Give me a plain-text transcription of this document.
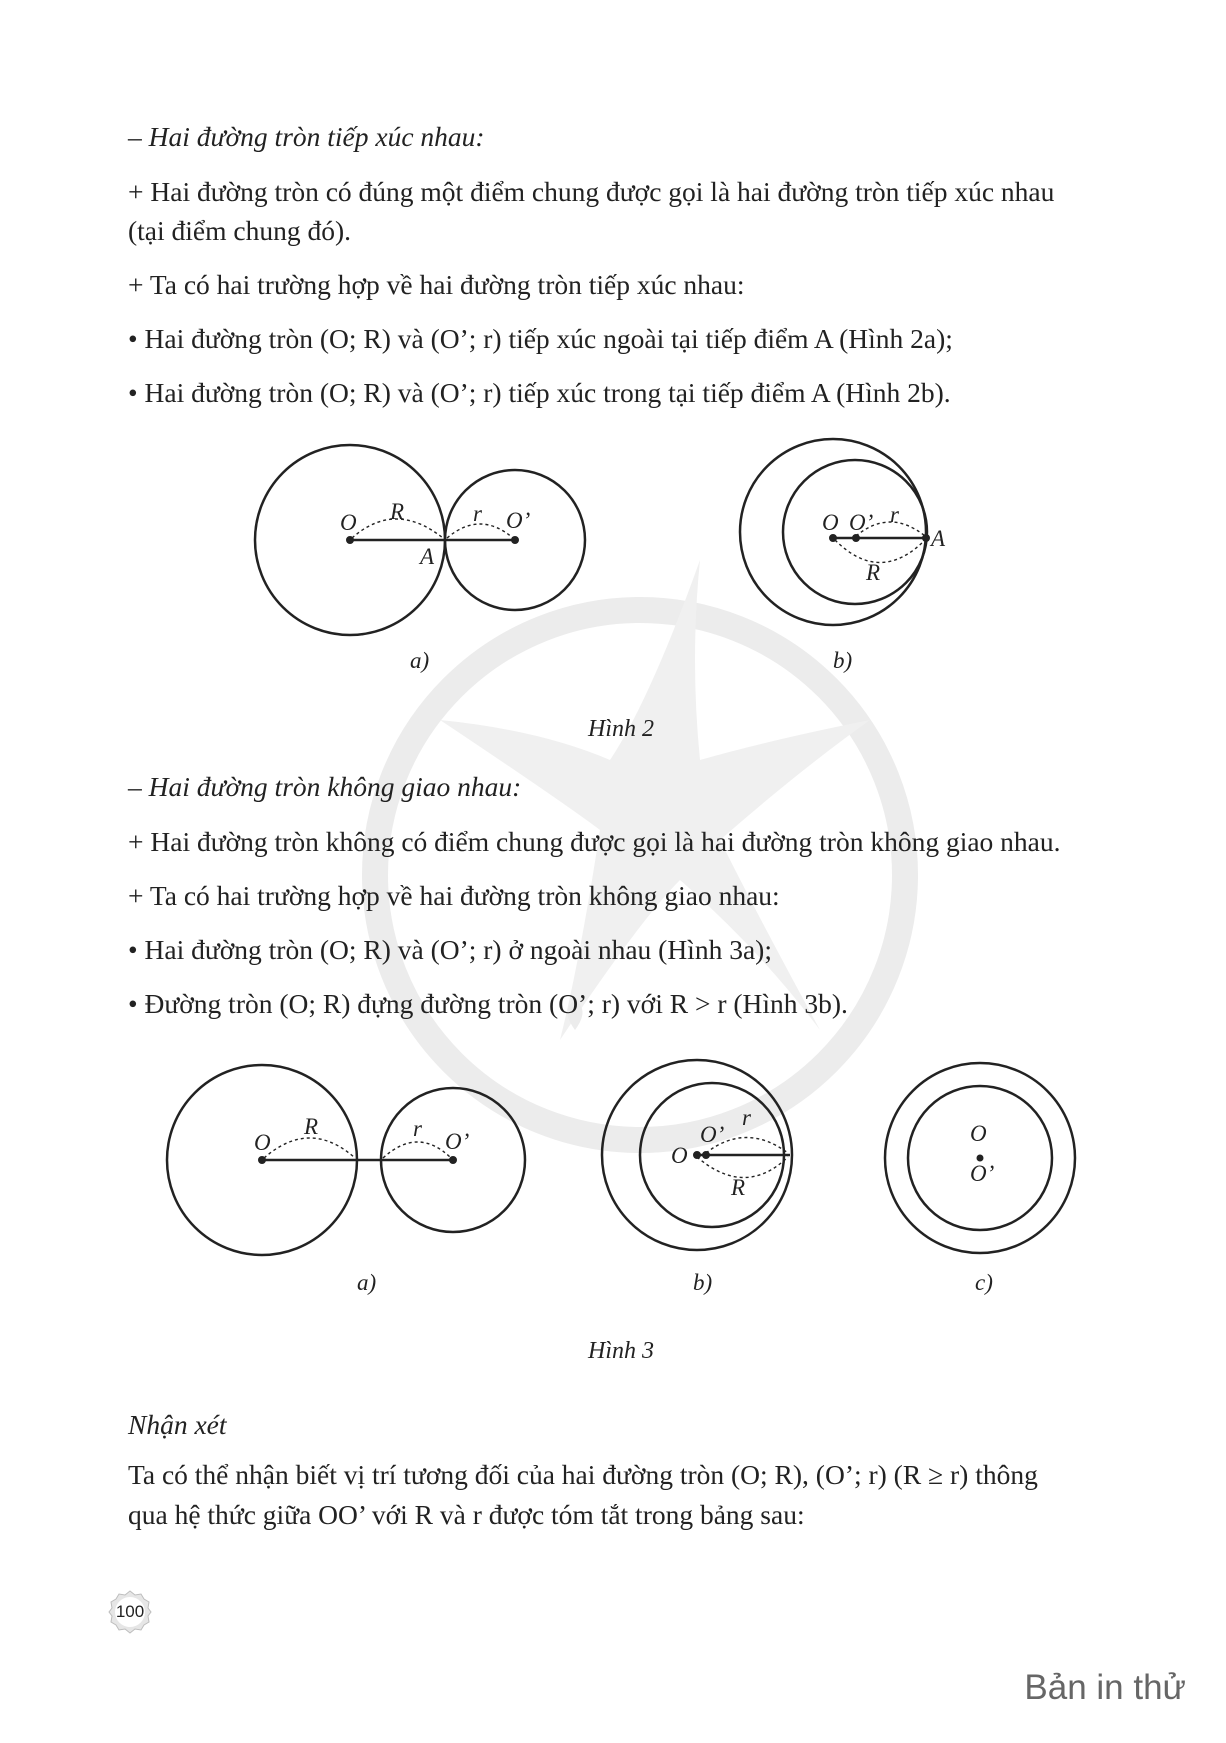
– Hai đường tròn tiếp xúc nhau:
+ Hai đường tròn có đúng một điểm chung được gọi là hai đường tròn tiếp xúc nhau
(tại điểm chung đó).
+ Ta có hai trường hợp về hai đường tròn tiếp xúc nhau:
• Hai đường tròn (O; R) và (O’; r) tiếp xúc ngoài tại tiếp điểm A (Hình 2a);
• Hai đường tròn (O; R) và (O’; r) tiếp xúc trong tại tiếp điểm A (Hình 2b).
O R	r O’
A
a)
O O’ r
A
R
b)
Hình 2
– Hai đường tròn không giao nhau:
+ Hai đường tròn không có điểm chung được gọi là hai đường tròn không giao nhau.
+ Ta có hai trường hợp về hai đường tròn không giao nhau:
• Hai đường tròn (O; R) và (O’; r) ở ngoài nhau (Hình 3a);
• Đường tròn (O; R) đựng đường tròn (O’; r) với R > r (Hình 3b).
O
R	r
O’
a)
O
O’
r
R
b)
O
O’
c)
Hình 3
Nhận xét
Ta có thể nhận biết vị trí tương đối của hai đường tròn (O; R), (O’; r) (R ≥ r) thông
qua hệ thức giữa OO’ với R và r được tóm tắt trong bảng sau:
100
Bản in thử
